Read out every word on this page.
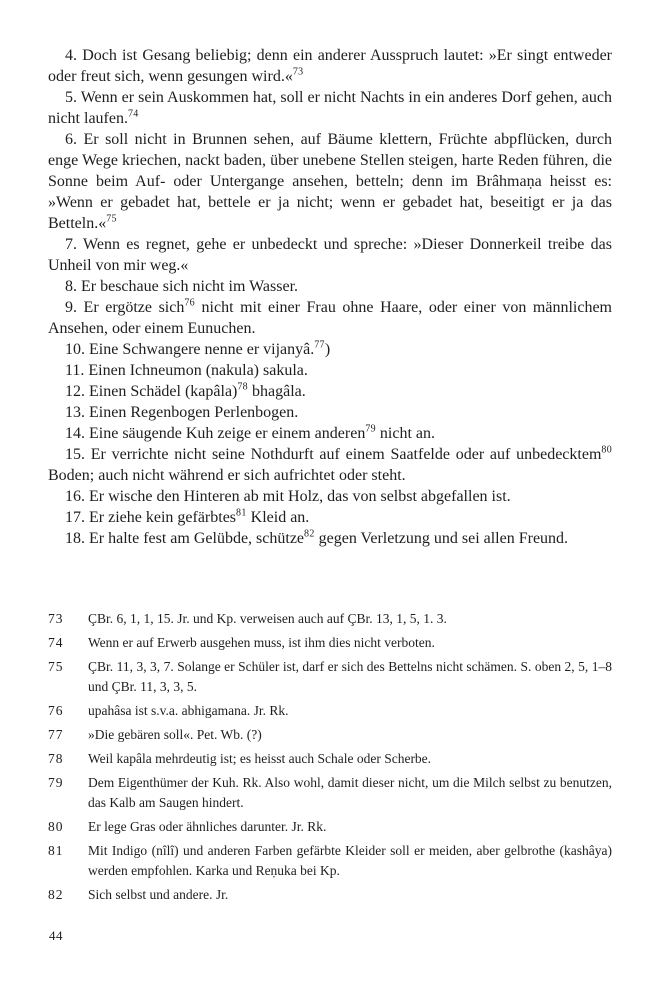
4. Doch ist Gesang beliebig; denn ein anderer Ausspruch lautet: »Er singt entweder oder freut sich, wenn gesungen wird.«$^{73}$

5. Wenn er sein Auskommen hat, soll er nicht Nachts in ein anderes Dorf gehen, auch nicht laufen.$^{74}$

6. Er soll nicht in Brunnen sehen, auf Bäume klettern, Früchte abpflücken, durch enge Wege kriechen, nackt baden, über unebene Stellen steigen, harte Reden führen, die Sonne beim Auf- oder Untergange ansehen, betteln; denn im Brâhmaṇa heisst es: »Wenn er gebadet hat, bettele er ja nicht; wenn er gebadet hat, beseitigt er ja das Betteln.«$^{75}$

7. Wenn es regnet, gehe er unbedeckt und spreche: »Dieser Donnerkeil treibe das Unheil von mir weg.«

8. Er beschaue sich nicht im Wasser.

9. Er ergötze sich$^{76}$ nicht mit einer Frau ohne Haare, oder einer von männlichem Ansehen, oder einem Eunuchen.

10. Eine Schwangere nenne er vijanyâ.$^{77}$)

11. Einen Ichneumon (nakula) sakula.

12. Einen Schädel (kapâla)$^{78}$ bhagâla.

13. Einen Regenbogen Perlenbogen.

14. Eine säugende Kuh zeige er einem anderen$^{79}$ nicht an.

15. Er verrichte nicht seine Nothdurft auf einem Saatfelde oder auf unbedecktem$^{80}$ Boden; auch nicht während er sich aufrichtet oder steht.

16. Er wische den Hinteren ab mit Holz, das von selbst abgefallen ist.

17. Er ziehe kein gefärbtes$^{81}$ Kleid an.

18. Er halte fest am Gelübde, schütze$^{82}$ gegen Verletzung und sei allen Freund.

73	ÇBr. 6, 1, 1, 15. Jr. und Kp. verweisen auch auf ÇBr. 13, 1, 5, 1. 3.
74	Wenn er auf Erwerb ausgehen muss, ist ihm dies nicht verboten.
75	ÇBr. 11, 3, 3, 7. Solange er Schüler ist, darf er sich des Bettelns nicht schämen. S. oben 2, 5, 1–8 und ÇBr. 11, 3, 3, 5.
76	upahâsa ist s.v.a. abhigamana. Jr. Rk.
77	»Die gebären soll«. Pet. Wb. (?)
78	Weil kapâla mehrdeutig ist; es heisst auch Schale oder Scherbe.
79	Dem Eigenthümer der Kuh. Rk. Also wohl, damit dieser nicht, um die Milch selbst zu benutzen, das Kalb am Saugen hindert.
80	Er lege Gras oder ähnliches darunter. Jr. Rk.
81	Mit Indigo (nîlî) und anderen Farben gefärbte Kleider soll er meiden, aber gelbrothe (kashâya) werden empfohlen. Karka und Reṇuka bei Kp.
82	Sich selbst und andere. Jr.
44
